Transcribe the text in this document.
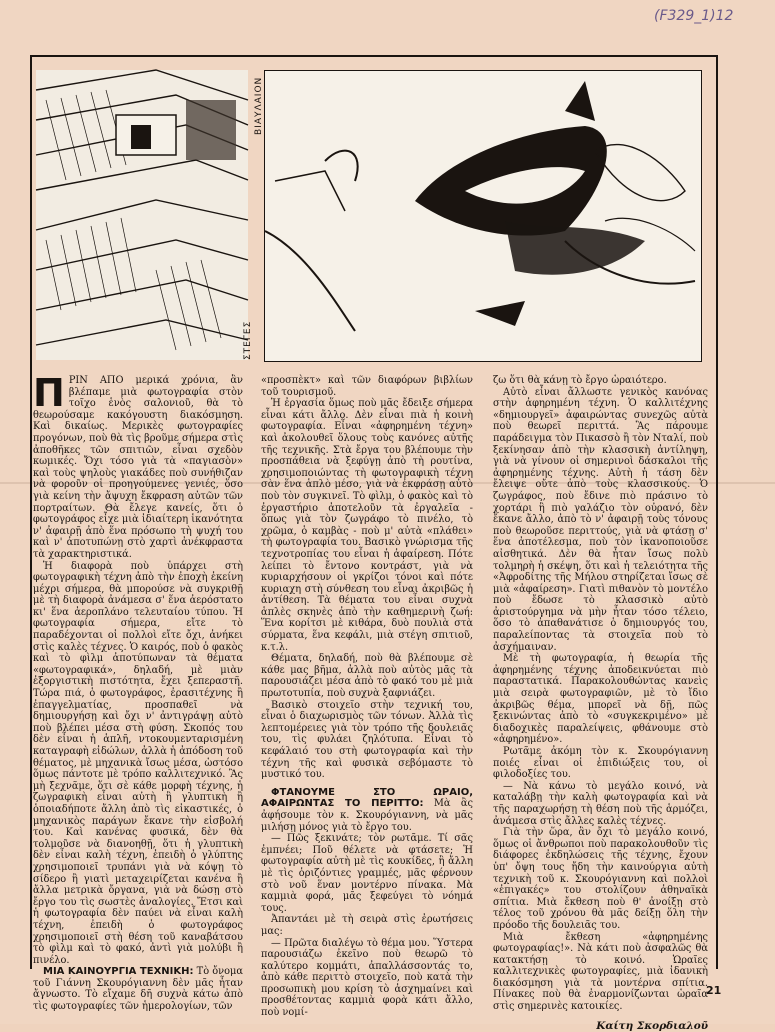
(F329_1)12
ΣΤΕΓΕΣ
ΒΙΑΥΛΑΙΟΝ

ΠΡΙΝ ΑΠΟ μερικά χρόνια, ἂν βλέπαμε μιὰ φωτογραφία στὸν τοῖχο ἑνὸς σαλονιοῦ, θὰ τὸ θεωρούσαμε κακόγουστη διακόσμηση. Καὶ δικαίως. Μερικὲς φωτογραφίες προγόνων, ποὺ θὰ τὶς βροῦμε σήμερα στὶς ἀποθῆκες τῶν σπιτιῶν, εἶναι σχεδὸν κωμικές. Ὄχι τόσο γιὰ τὰ «παγιασὸν» καὶ τοὺς ψηλοὺς γιακάδες ποὺ συνήθιζαν νὰ φοροῦν οἱ προηγούμενες γενιές, ὅσο γιὰ κείνη τὴν ἄψυχη ἔκφραση αὐτῶν τῶν πορτραίτων. Θὰ ἔλεγε κανείς, ὅτι ὁ φωτογράφος εἶχε μιὰ ἰδιαίτερη ἱκανότητα ν' ἀφαιρῇ ἀπὸ ἕνα πρόσωπο τὴ ψυχή του καὶ ν' ἀποτυπώνῃ στὸ χαρτὶ ἀνέκφραστα τὰ χαρακτηριστικά.

Ἡ διαφορὰ ποὺ ὑπάρχει στὴ φωτογραφικὴ τέχνη ἀπὸ τὴν ἐποχὴ ἐκείνη μέχρι σήμερα, θὰ μπορούσε νὰ συγκριθῇ μὲ τὴ διαφορὰ ἀνάμεσα σ' ἕνα ἀερόστατο κι' ἕνα ἀεροπλάνο τελευταίου τύπου. Ἡ φωτογραφία σήμερα, εἴτε τὸ παραδέχονται οἱ πολλοὶ εἴτε ὄχι, ἀνήκει στὶς καλὲς τέχνες. Ὁ καιρός, ποὺ ὁ φακὸς καὶ τὸ φὶλμ ἀποτύπωναν τὰ θέματα «φωτογραφικά», δηλαδή, μὲ μιὰν ἐξοργιστικὴ πιστότητα, ἔχει ξεπεραστῆ. Τώρα πιά, ὁ φωτογράφος, ἐρασιτέχνης ἢ ἐπαγγελματίας, προσπαθεῖ νὰ δημιουργήσῃ καὶ ὄχι ν' ἀντιγράψῃ αὐτὸ ποὺ βλέπει μέσα στὴ φύση. Σκοπός του δὲν εἶναι ἡ ἁπλῆ, ντοκουμενταρισμένη καταγραφὴ εἰδώλων, ἀλλὰ ἡ ἀπόδοση τοῦ θέματος, μὲ μηχανικὰ ἴσως μέσα, ὡστόσο ὅμως πάντοτε μὲ τρόπο καλλιτεχνικό. Ἂς μὴ ξεχνᾶμε, ὅτι σὲ κάθε μορφὴ τέχνης, ἡ ζωγραφικὴ εἶναι αὐτὴ ἢ γλυπτικὴ ἢ ὁποιαδήποτε ἄλλη ἀπὸ τὶς εἰκαστικές, ὁ μηχανικὸς παράγων ἔκανε τὴν εἰσβολή του. Καὶ κανένας φυσικά, δὲν θὰ τολμοῦσε νὰ διανοηθῇ, ὅτι ἡ γλυπτικὴ δὲν εἶναι καλὴ τέχνη, ἐπειδὴ ὁ γλύπτης χρησιμοποιεῖ τρυπάνι γιὰ νὰ κόψῃ τὸ σίδερο ἢ γιατὶ μεταχειρίζεται κανένα ἢ ἄλλα μετρικὰ ὄργανα, γιὰ νὰ δώσῃ στὸ ἔργο του τὶς σωστὲς ἀναλογίες. Ἔτσι καὶ ἡ φωτογραφία δὲν παύει νὰ εἶναι καλὴ τέχνη, ἐπειδὴ ὁ φωτογράφος χρησιμοποιεῖ στὴ θέση τοῦ καναβάτσου τὸ φὶλμ καὶ τὸ φακό, ἀντὶ γιὰ μολύβι ἢ πινέλο.

ΜΙΑ ΚΑΙΝΟΥΡΓΙΑ ΤΕΧΝΙΚΗ: Τὸ ὄνομα τοῦ Γιάννη Σκουρόγιαννη δὲν μᾶς ἦταν ἄγνωστο. Τὸ εἴχαμε δῆ συχνὰ κάτω ἀπὸ τὶς φωτογραφίες τῶν ἡμερολογίων, τῶν

«προσπὲκτ» καὶ τῶν διαφόρων βιβλίων τοῦ τουρισμοῦ.

Ἡ ἐργασία ὅμως ποὺ μᾶς ἔδειξε σήμερα εἶναι κάτι ἄλλο. Δὲν εἶναι πιὰ ἡ κοινὴ φωτογραφία. Εἶναι «ἀφηρημένη τέχνη» καὶ ἀκολουθεῖ ὅλους τοὺς κανόνες αὐτῆς τῆς τεχνικῆς. Στὰ ἔργα του βλέπουμε τὴν προσπάθεια νὰ ξεφύγῃ ἀπὸ τὴ ρουτίνα, χρησιμοποιώντας τὴ φωτογραφικὴ τέχνη σὰν ἕνα ἁπλὸ μέσο, γιὰ νὰ ἐκφράσῃ αὐτὸ ποὺ τὸν συγκινεῖ. Τὸ φὶλμ, ὁ φακὸς καὶ τὸ ἐργαστήριο ἀποτελοῦν τὰ ἐργαλεῖα - ὅπως γιὰ τὸν ζωγράφο τὸ πινέλο, τὸ χρῶμα, ὁ καμβὰς - ποὺ μ' αὐτὰ «πλάθει» τὴ φωτογραφία του. Βασικὸ γνώρισμα τῆς τεχνοτροπίας του εἶναι ἡ ἀφαίρεση. Πότε λείπει τὸ ἔντονο κοντράστ, γιὰ νὰ κυριαρχήσουν οἱ γκρίζοι τόνοι καὶ πότε κυριαχη στὴ σύνθεση του εἶναι ἀκριβῶς ἡ ἀντίθεση. Τὰ θέματα του εἶναι συχνὰ ἁπλὲς σκηνὲς ἀπὸ τὴν καθημερινὴ ζωή: Ἕνα κορίτσι μὲ κιθάρα, δυὸ πουλιὰ στὰ σύρματα, ἕνα κεφάλι, μιὰ στέγη σπιτιοῦ, κ.τ.λ.

Θέματα, δηλαδή, ποὺ θὰ βλέπουμε σὲ κάθε μας βῆμα, ἀλλὰ ποὺ αὐτὸς μᾶς τὰ παρουσιάζει μέσα ἀπὸ τὸ φακό του μὲ μιὰ πρωτοτυπία, ποὺ συχνὰ ξαφνιάζει.

Βασικὸ στοιχεῖο στὴν τεχνική του, εἶναι ὁ διαχωρισμὸς τῶν τόνων. Ἀλλὰ τὶς λεπτομέρειες γιὰ τὸν τρόπο τῆς δουλειᾶς του, τὶς φυλάει ζηλότυπα. Εἶναι τὸ κεφάλαιό του στὴ φωτογραφία καὶ τὴν τέχνη τῆς καὶ φυσικὰ σεβόμαστε τὸ μυστικό του.

ΦΤΑΝΟΥΜΕ ΣΤΟ ΩΡΑΙΟ, ΑΦΑΙΡΩΝΤΑΣ ΤΟ ΠΕΡΙΤΤΟ: Μὰ ἂς ἀφήσουμε τὸν κ. Σκουρόγιαννη, νὰ μᾶς μιλήσῃ μόνος γιὰ τὸ ἔργο του.

— Πῶς ξεκινάτε; τὸν ρωτᾶμε. Τί σᾶς ἐμπνέει; Ποῦ θέλετε νὰ φτάσετε; Ἡ φωτογραφία αὐτὴ μὲ τὶς κουκίδες, ἢ ἄλλη μὲ τὶς ὁριζόντιες γραμμές, μᾶς φέρνουν στὸ νοῦ ἕναν μοντέρνο πίνακα. Μὰ καμμιὰ φορά, μᾶς ξεφεύγει τὸ νόημά τους.

Ἀπαντάει μὲ τὴ σειρὰ στὶς ἐρωτήσεις μας:

— Πρῶτα διαλέγω τὸ θέμα μου. Ὕστερα παρουσιάζω ἐκεῖνο ποὺ θεωρῶ τὸ καλύτερο κομμάτι, ἀπαλλάσσοντάς το, ἀπὸ κάθε περιττὸ στοιχεῖο, ποὺ κατὰ τὴν προσωπικὴ μου κρίση τὸ ἀσχημαίνει καὶ προσθέτοντας καμμιὰ φορὰ κάτι ἄλλο, ποὺ νομί-

ζω ὅτι θὰ κάνῃ τὸ ἔργο ὡραιότερο.

Αὐτὸ εἶναι ἄλλωστε γενικὸς κανόνας στὴν ἀφηρημένη τέχνη. Ὁ καλλιτέχνης «δημιουργεῖ» ἀφαιρώντας συνεχῶς αὐτὰ ποὺ θεωρεῖ περιττά. Ἂς πάρουμε παράδειγμα τὸν Πικασσὸ ἢ τὸν Νταλί, ποὺ ξεκίνησαν ἀπὸ τὴν κλασσικὴ ἀντίληψη, γιὰ νὰ γίνουν οἱ σημερινοὶ δάσκαλοι τῆς ἀφηρημένης τέχνης. Αὐτὴ ἡ τάση δὲν ἔλειψε οὔτε ἀπὸ τοὺς κλασσικούς. Ὁ ζωγράφος, ποὺ ἔδινε πιὸ πράσινο τὸ χορτάρι ἢ πιὸ γαλάζιο τὸν οὐρανό, δὲν ἔκανε ἄλλο, ἀπὸ τὸ ν' ἀφαιρῇ τοὺς τόνους ποὺ θεωροῦσε περιττούς, γιὰ νὰ φτάσῃ σ' ἕνα ἀποτέλεσμα, ποὺ τὸν ἱκανοποιοῦσε αἰσθητικά. Δὲν θὰ ἦταν ἴσως πολὺ τολμηρὴ ἡ σκέψη, ὅτι καὶ ἡ τελειότητα τῆς «Ἀφροδίτης τῆς Μήλου στηρίζεται ἴσως σὲ μιὰ «ἀφαίρεση». Γιατὶ πιθανὸν τὸ μοντέλο ποὺ ἔδωσε τὸ κλασσικὸ αὐτὸ ἀριστούργημα νὰ μὴν ἦταν τόσο τέλειο, ὅσο τὸ ἀπαθανάτισε ὁ δημιουργός του, παραλείποντας τὰ στοιχεῖα ποὺ τὸ ἀσχήμαιναν.

Μὲ τὴ φωτογραφία, ἡ θεωρία τῆς ἀφηρημένης τέχνης ἀποδεικνύεται πιὸ παραστατικά. Παρακολουθώντας κανεὶς μιὰ σειρὰ φωτογραφιῶν, μὲ τὸ ἴδιο ἀκριβῶς θέμα, μπορεῖ νὰ δῇ, πῶς ξεκινώντας ἀπὸ τὸ «συγκεκριμένο» μὲ διαδοχικὲς παραλείψεις, φθάνουμε στὸ «ἀφηρημένο».

Ρωτᾶμε ἀκόμη τὸν κ. Σκουρόγιαννη ποιές εἶναι οἱ ἐπιδιώξεις του, οἱ φιλοδοξίες του.

— Νὰ κάνω τὸ μεγάλο κοινό, νὰ καταλάβῃ τὴν καλὴ φωτογραφία καὶ νὰ τῆς παραχωρήσῃ τὴ θέση ποὺ τῆς ἁρμόζει, ἀνάμεσα στὶς ἄλλες καλὲς τέχνες.

Γιὰ τὴν ὥρα, ἂν ὄχι τὸ μεγάλο κοινό, ὅμως οἱ ἄνθρωποι ποὺ παρακολουθοῦν τὶς διάφορες ἐκδηλώσεις τῆς τέχνης, ἔχουν ὑπ' ὄψη τους ἤδη τὴν καινούργια αὐτὴ τεχνικὴ τοῦ κ. Σκουρόγιαννη καὶ πολλοὶ «ἐπιγακές» του στολίζουν ἀθηναϊκὰ σπίτια. Μιὰ ἔκθεση ποὺ θ' ἀνοίξῃ στὸ τέλος τοῦ χρόνου θὰ μᾶς δείξῃ ὅλη τὴν πρόοδο τῆς δουλειᾶς του.

Μιὰ ἔκθεση «ἀφηρημένης φωτογραφίας!». Νὰ κάτι ποὺ ἀσφαλῶς θὰ κατακτήσῃ τὸ κοινό. Ὡραῖες καλλιτεχνικὲς φωτογραφίες, μιὰ ἰδανικὴ διακόσμηση γιὰ τὰ μοντέρνα σπίτια. Πίνακες ποὺ θὰ ἐναρμονίζωνται ὡραῖα στὶς σημερινὲς κατοικίες.

Καίτη Σκορδιαλοῦ
21
